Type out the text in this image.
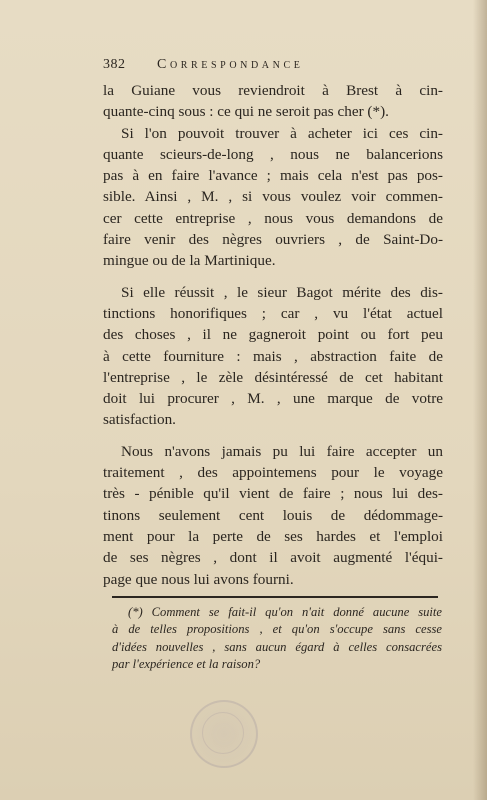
382 Correspondance
la Guiane vous reviendroit à Brest à cin-
quante-cinq sous : ce qui ne seroit pas cher (*).
Si l'on pouvoit trouver à acheter ici ces cin-
quante scieurs-de-long , nous ne balancerions
pas à en faire l'avance ; mais cela n'est pas pos-
sible. Ainsi , M. , si vous voulez voir commen-
cer cette entreprise , nous vous demandons de
faire venir des nègres ouvriers , de Saint-Do-
mingue ou de la Martinique.
Si elle réussit , le sieur Bagot mérite des dis-
tinctions honorifiques ; car , vu l'état actuel
des choses , il ne gagneroit point ou fort peu
à cette fourniture : mais , abstraction faite de
l'entreprise , le zèle désintéressé de cet habitant
doit lui procurer , M. , une marque de votre
satisfaction.
Nous n'avons jamais pu lui faire accepter un
traitement , des appointemens pour le voyage
très - pénible qu'il vient de faire ; nous lui des-
tinons seulement cent louis de dédommage-
ment pour la perte de ses hardes et l'emploi
de ses nègres , dont il avoit augmenté l'équi-
page que nous lui avons fourni.
(*) Comment se fait-il qu'on n'ait donné aucune suite
à de telles propositions , et qu'on s'occupe sans cesse
d'idées nouvelles , sans aucun égard à celles consacrées
par l'expérience et la raison?
